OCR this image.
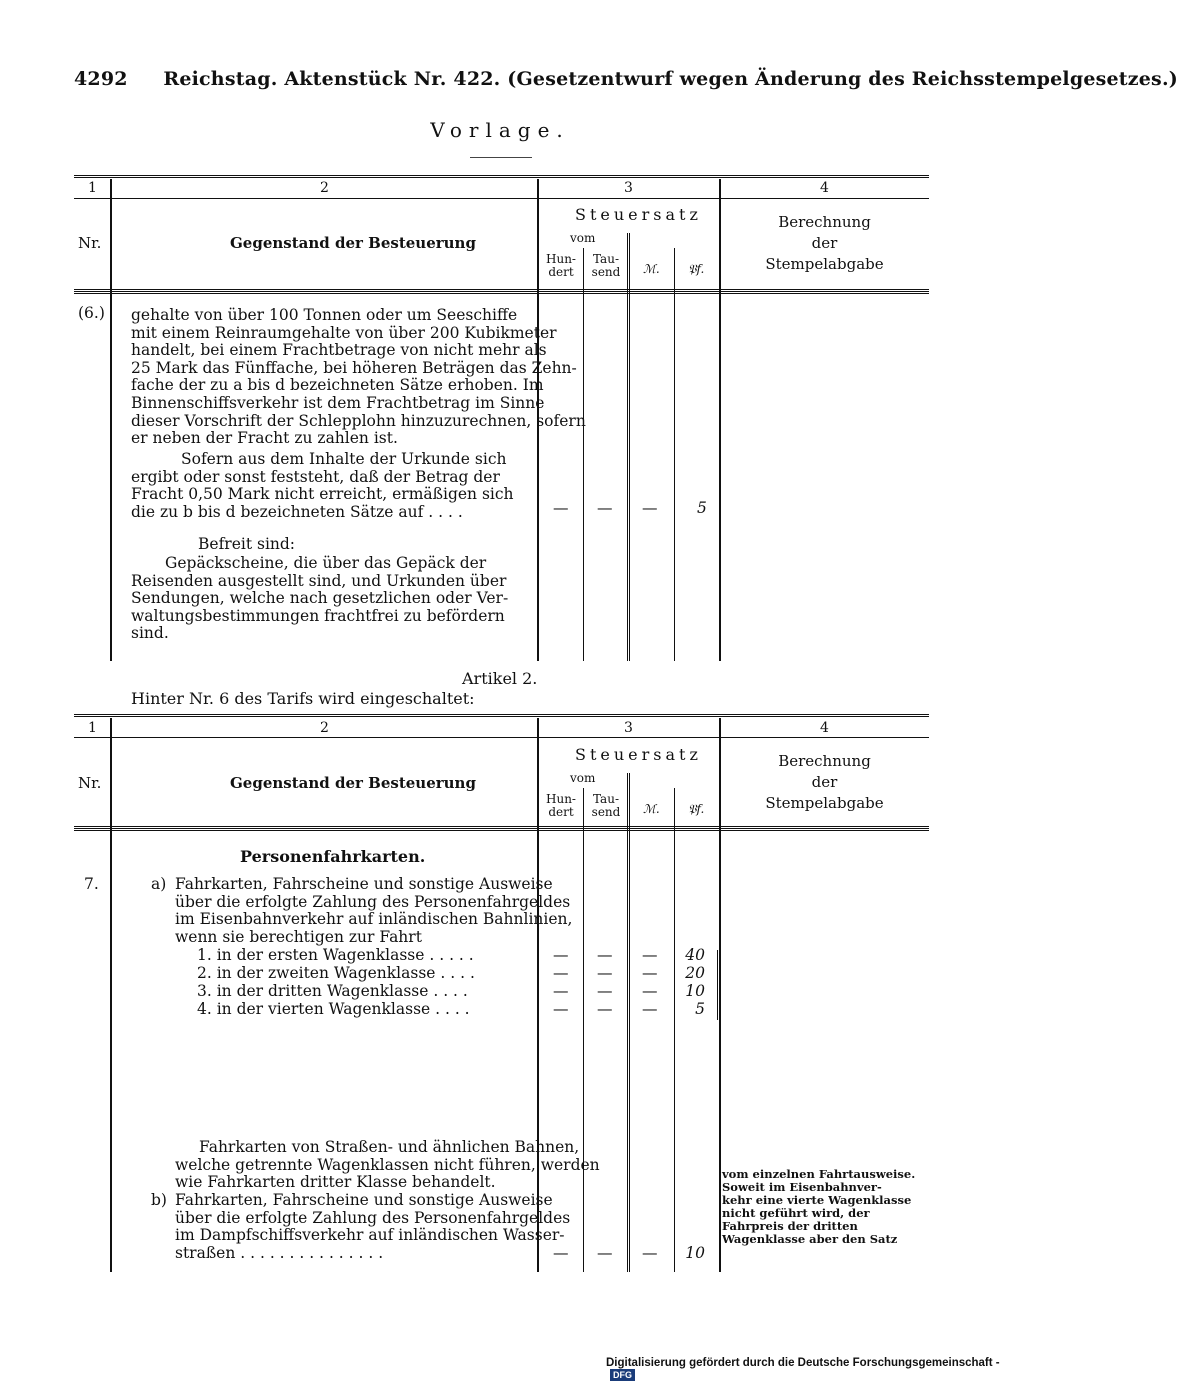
4292 Reichstag. Aktenstück Nr. 422. (Gesetzentwurf wegen Änderung des Reichsstempelgesetzes.)
Vorlage.
1	2	3	4
Nr.	Gegenstand der Besteuerung
Steuersatz
vom
Hun-
dert
Tau-
send	ℳ. 𝔓f.
Berechnung
der
Stempelabgabe
(6.) gehalte von über 100 Tonnen oder um Seeschiffe
mit einem Reinraumgehalte von über 200 Kubikmeter
handelt, bei einem Frachtbetrage von nicht mehr als
25 Mark das Fünffache, bei höheren Beträgen das Zehn-
fache der zu a bis d bezeichneten Sätze erhoben. Im
Binnenschiffsverkehr ist dem Frachtbetrag im Sinne
dieser Vorschrift der Schlepplohn hinzuzurechnen, sofern
er neben der Fracht zu zahlen ist.
Sofern aus dem Inhalte der Urkunde sich
ergibt oder sonst feststeht, daß der Betrag der
Fracht 0,50 Mark nicht erreicht, ermäßigen sich
die zu b bis d bezeichneten Sätze auf . . . .	— — —	5
Befreit sind:
Gepäckscheine, die über das Gepäck der
Reisenden ausgestellt sind, und Urkunden über
Sendungen, welche nach gesetzlichen oder Ver-
waltungsbestimmungen frachtfrei zu befördern
sind.
Artikel 2.
Hinter Nr. 6 des Tarifs wird eingeschaltet:
1	2	3	4
Nr.	Gegenstand der Besteuerung
Steuersatz
vom
Hun-
dert
Tau-
send	ℳ. 𝔓f.
Berechnung
der
Stempelabgabe
Personenfahrkarten.
7.	a) Fahrkarten, Fahrscheine und sonstige Ausweise
über die erfolgte Zahlung des Personenfahrgeldes
im Eisenbahnverkehr auf inländischen Bahnlinien,
wenn sie berechtigen zur Fahrt
1. in der ersten Wagenklasse . . . . .	— — —	40
2. in der zweiten Wagenklasse . . . .	— — —	20
3. in der dritten Wagenklasse . . . .	— — —	10
4. in der vierten Wagenklasse . . . .	— — —	5
Fahrkarten von Straßen- und ähnlichen Bahnen,
welche getrennte Wagenklassen nicht führen, werden
wie Fahrkarten dritter Klasse behandelt.
b) Fahrkarten, Fahrscheine und sonstige Ausweise
über die erfolgte Zahlung des Personenfahrgeldes
im Dampfschiffsverkehr auf inländischen Wasser-
straßen . . . . . . . . . . . . . . .	— — —	10
vom einzelnen Fahrtausweise.
Soweit im Eisenbahnver-
kehr eine vierte Wagenklasse
nicht geführt wird, der
Fahrpreis der dritten
Wagenklasse aber den Satz
Digitalisierung gefördert durch die Deutsche Forschungsgemeinschaft -DFG
